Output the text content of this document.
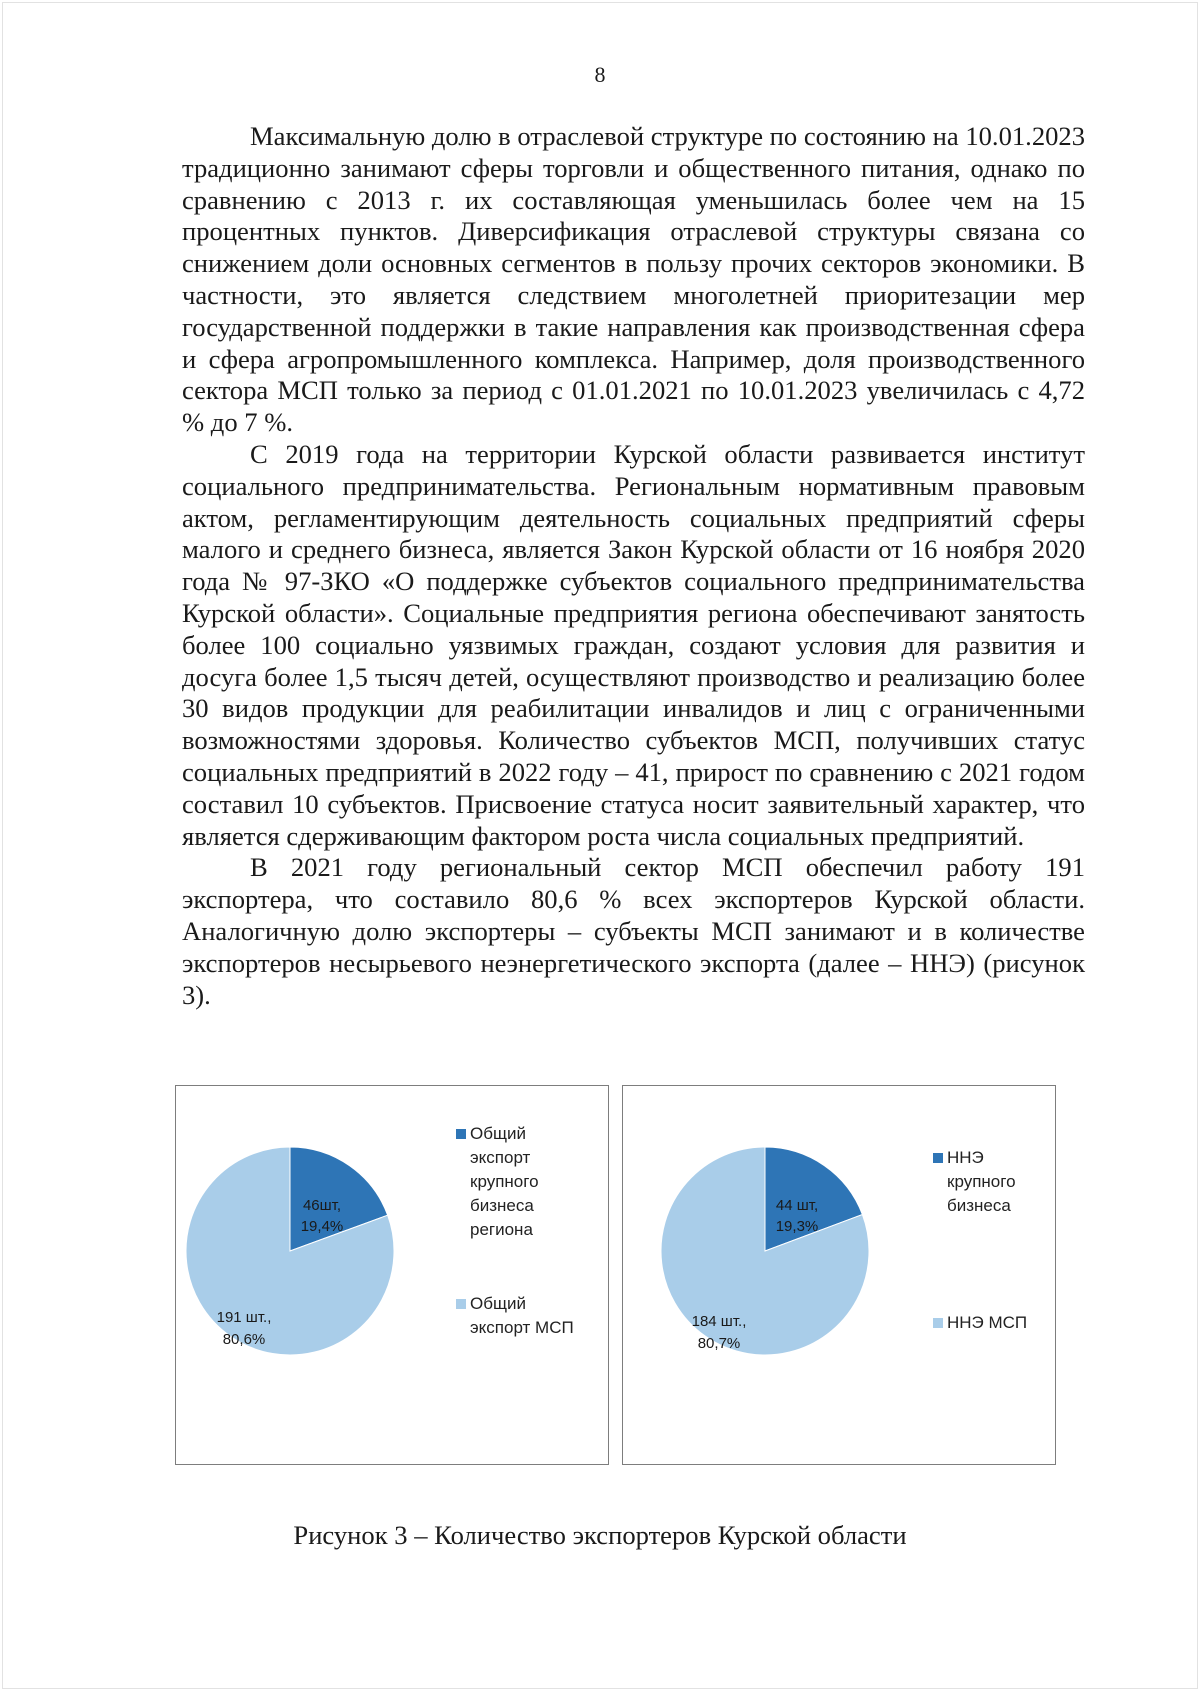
8

Максимальную долю в отраслевой структуре по состоянию на 10.01.2023 традиционно занимают сферы торговли и общественного питания, однако по сравнению с 2013 г. их составляющая уменьшилась более чем на 15 процентных пунктов. Диверсификация отраслевой структуры связана со снижением доли основных сегментов в пользу прочих секторов экономики. В частности, это является следствием многолетней приоритезации мер государственной поддержки в такие направления как производственная сфера и сфера агропромышленного комплекса. Например, доля производственного сектора МСП только за период с 01.01.2021 по 10.01.2023 увеличилась с 4,72 % до 7 %.

С 2019 года на территории Курской области развивается институт социального предпринимательства. Региональным нормативным правовым актом, регламентирующим деятельность социальных предприятий сферы малого и среднего бизнеса, является Закон Курской области от 16 ноября 2020 года № 97-ЗКО «О поддержке субъектов социального предпринимательства Курской области». Социальные предприятия региона обеспечивают занятость более 100 социально уязвимых граждан, создают условия для развития и досуга более 1,5 тысяч детей, осуществляют производство и реализацию более 30 видов продукции для реабилитации инвалидов и лиц с ограниченными возможностями здоровья. Количество субъектов МСП, получивших статус социальных предприятий в 2022 году – 41, прирост по сравнению с 2021 годом составил 10 субъектов. Присвоение статуса носит заявительный характер, что является сдерживающим фактором роста числа социальных предприятий.

В 2021 году региональный сектор МСП обеспечил работу 191 экспортера, что составило 80,6 % всех экспортеров Курской области. Аналогичную долю экспортеры – субъекты МСП занимают и в количестве экспортеров несырьевого неэнергетического экспорта (далее – ННЭ) (рисунок 3).

46шт,
19,4%
191 шт.,
80,6%
Общий
экспорт
крупного
бизнеса
региона
Общий
экспорт МСП
44 шт,
19,3%
184 шт.,
80,7%
ННЭ
крупного
бизнеса
ННЭ МСП
Рисунок 3 – Количество экспортеров Курской области
